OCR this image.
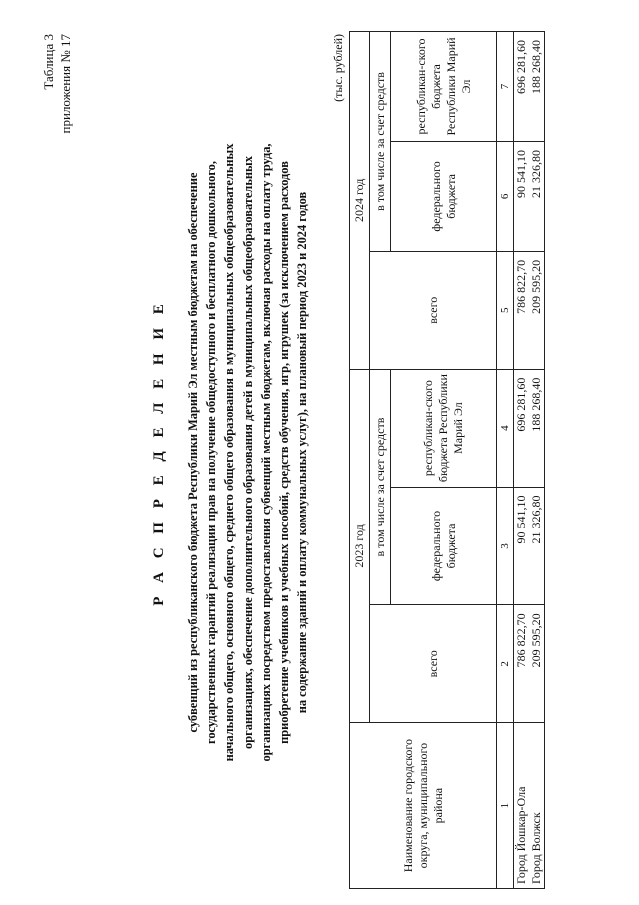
Таблица 3 приложения № 17
Р А С П Р Е Д Е Л Е Н И Е субвенций из республиканского бюджета Республики Марий Эл местным бюджетам на обеспечение государственных гарантий реализации прав на получение общедоступного и бесплатного дошкольного, начального общего, основного общего, среднего общего образования в муниципальных общеобразовательных организациях, обеспечение дополнительного образования детей в муниципальных общеобразовательных организациях посредством предоставления субвенций местным бюджетам, включая расходы на оплату труда, приобретение учебников и учебных пособий, средств обучения, игр, игрушек (за исключением расходов на содержание зданий и оплату коммунальных услуг), на плановый период 2023 и 2024 годов
(тыс. рублей)
Наименование городского округа, муниципального района	2023 год			2024 год		
	всего	в том числе за счет средств		всего	в том числе за счет средств	
		федерального бюджета	республикан-ского бюджета Республики Марий Эл		федерального бюджета	республикан-ского бюджета Республики Марий Эл
1	2	3	4	5	6	7
Город Йошкар-Ола	786 822,70	90 541,10	696 281,60	786 822,70	90 541,10	696 281,60
Город Волжск	209 595,20	21 326,80	188 268,40	209 595,20	21 326,80	188 268,40
